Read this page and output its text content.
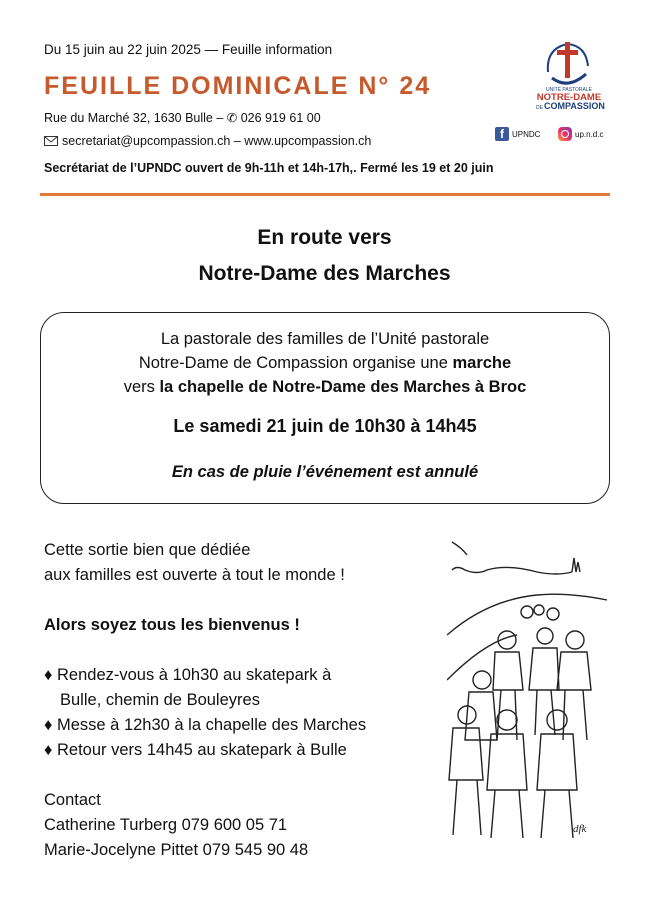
Du 15 juin au 22 juin 2025 — Feuille information
FEUILLE DOMINICALE N° 24
Rue du Marché 32, 1630 Bulle – ✆ 026 919 61 00
secretariat@upcompassion.ch – www.upcompassion.ch
Secrétariat de l’UPNDC ouvert de 9h-11h et 14h-17h,. Fermé les 19 et 20 juin
UNITÉ PASTORALE
NOTRE-DAME
DE COMPASSION
f	UPNDC	up.n.d.c
En route vers
Notre-Dame des Marches
La pastorale des familles de l’Unité pastorale
Notre-Dame de Compassion organise une marche
vers la chapelle de Notre-Dame des Marches à Broc
Le samedi 21 juin de 10h30 à 14h45
En cas de pluie l’événement est annulé
Cette sortie bien que dédiée
aux familles est ouverte à tout le monde !
Alors soyez tous les bienvenus !
♦ Rendez-vous à 10h30 au skatepark à
Bulle, chemin de Bouleyres
♦ Messe à 12h30 à la chapelle des Marches
♦ Retour vers 14h45 au skatepark à Bulle
Contact
Catherine Turberg 079 600 05 71
Marie-Jocelyne Pittet 079 545 90 48
dfk
